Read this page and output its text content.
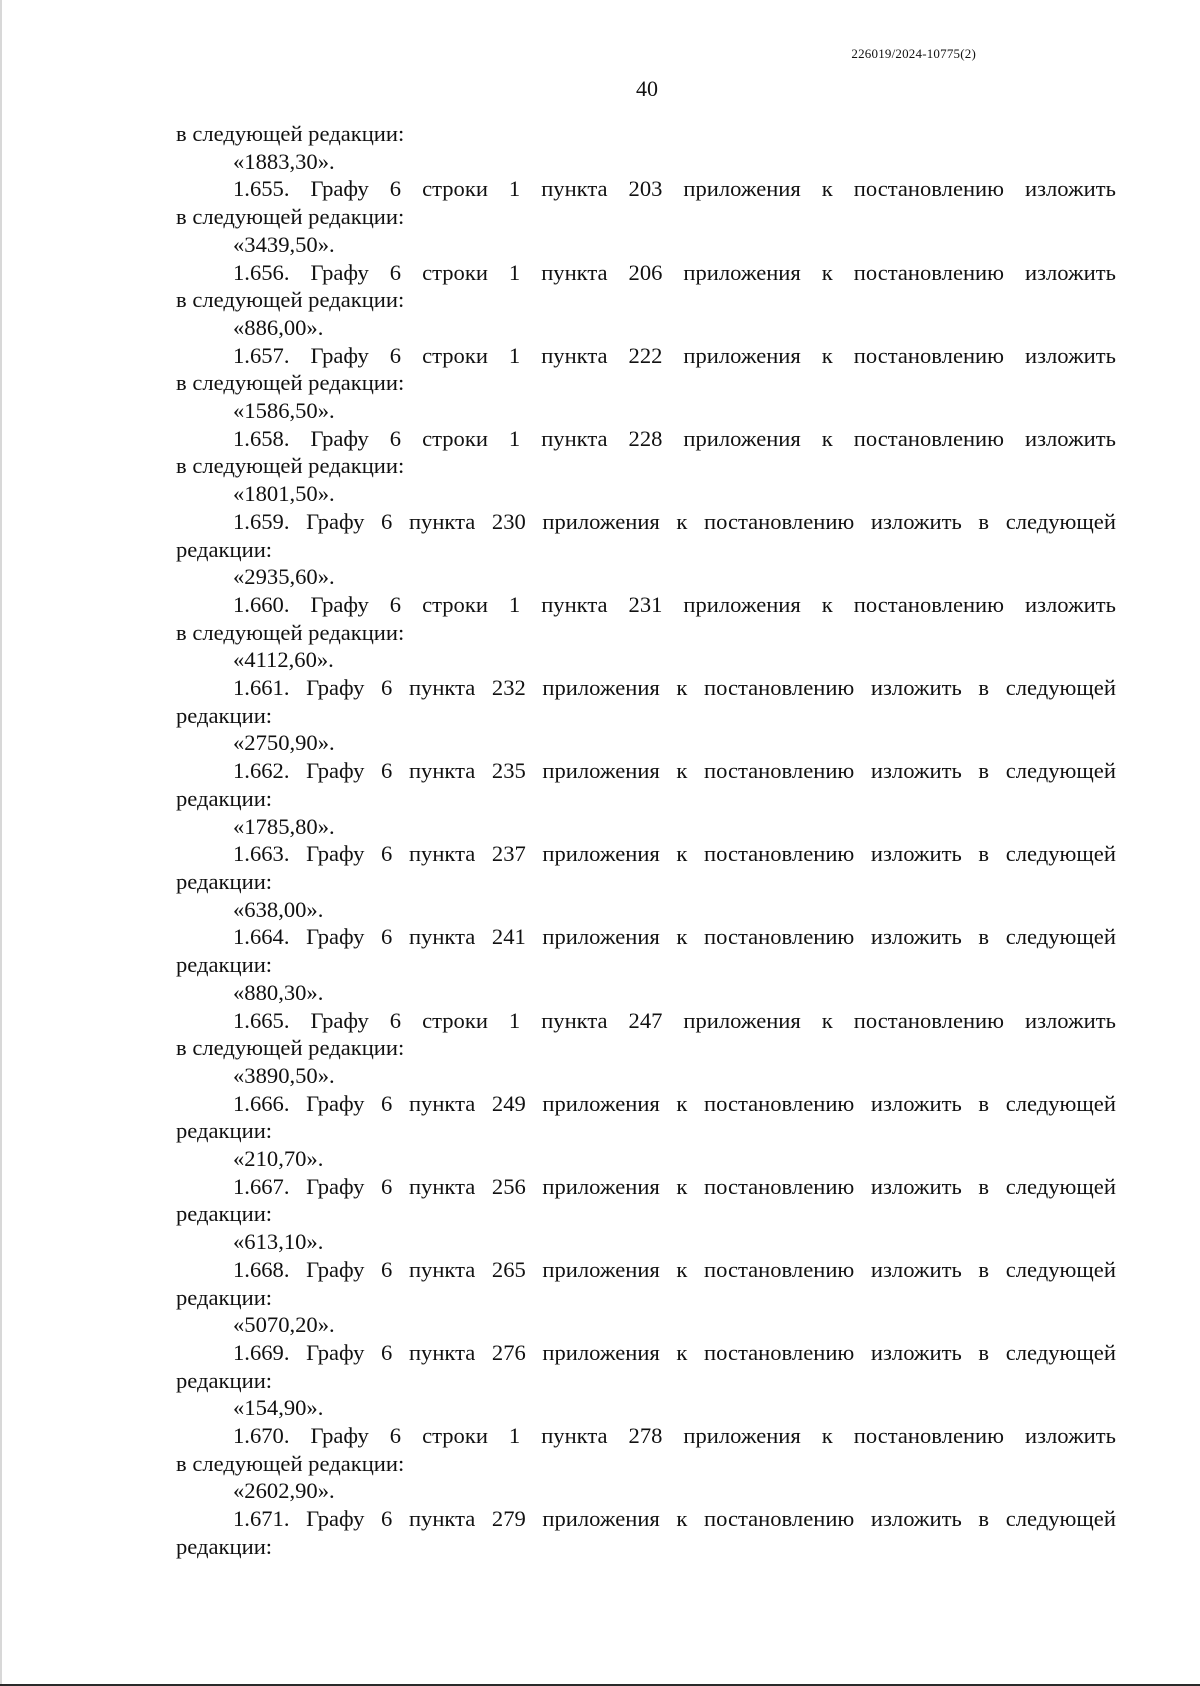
226019/2024-10775(2)
40
в следующей редакции:
«1883,30».
1.655. Графу 6 строки 1 пункта 203 приложения к постановлению изложить
в следующей редакции:
«3439,50».
1.656. Графу 6 строки 1 пункта 206 приложения к постановлению изложить
в следующей редакции:
«886,00».
1.657. Графу 6 строки 1 пункта 222 приложения к постановлению изложить
в следующей редакции:
«1586,50».
1.658. Графу 6 строки 1 пункта 228 приложения к постановлению изложить
в следующей редакции:
«1801,50».
1.659. Графу 6 пункта 230 приложения к постановлению изложить в следующей
редакции:
«2935,60».
1.660. Графу 6 строки 1 пункта 231 приложения к постановлению изложить
в следующей редакции:
«4112,60».
1.661. Графу 6 пункта 232 приложения к постановлению изложить в следующей
редакции:
«2750,90».
1.662. Графу 6 пункта 235 приложения к постановлению изложить в следующей
редакции:
«1785,80».
1.663. Графу 6 пункта 237 приложения к постановлению изложить в следующей
редакции:
«638,00».
1.664. Графу 6 пункта 241 приложения к постановлению изложить в следующей
редакции:
«880,30».
1.665. Графу 6 строки 1 пункта 247 приложения к постановлению изложить
в следующей редакции:
«3890,50».
1.666. Графу 6 пункта 249 приложения к постановлению изложить в следующей
редакции:
«210,70».
1.667. Графу 6 пункта 256 приложения к постановлению изложить в следующей
редакции:
«613,10».
1.668. Графу 6 пункта 265 приложения к постановлению изложить в следующей
редакции:
«5070,20».
1.669. Графу 6 пункта 276 приложения к постановлению изложить в следующей
редакции:
«154,90».
1.670. Графу 6 строки 1 пункта 278 приложения к постановлению изложить
в следующей редакции:
«2602,90».
1.671. Графу 6 пункта 279 приложения к постановлению изложить в следующей
редакции:
